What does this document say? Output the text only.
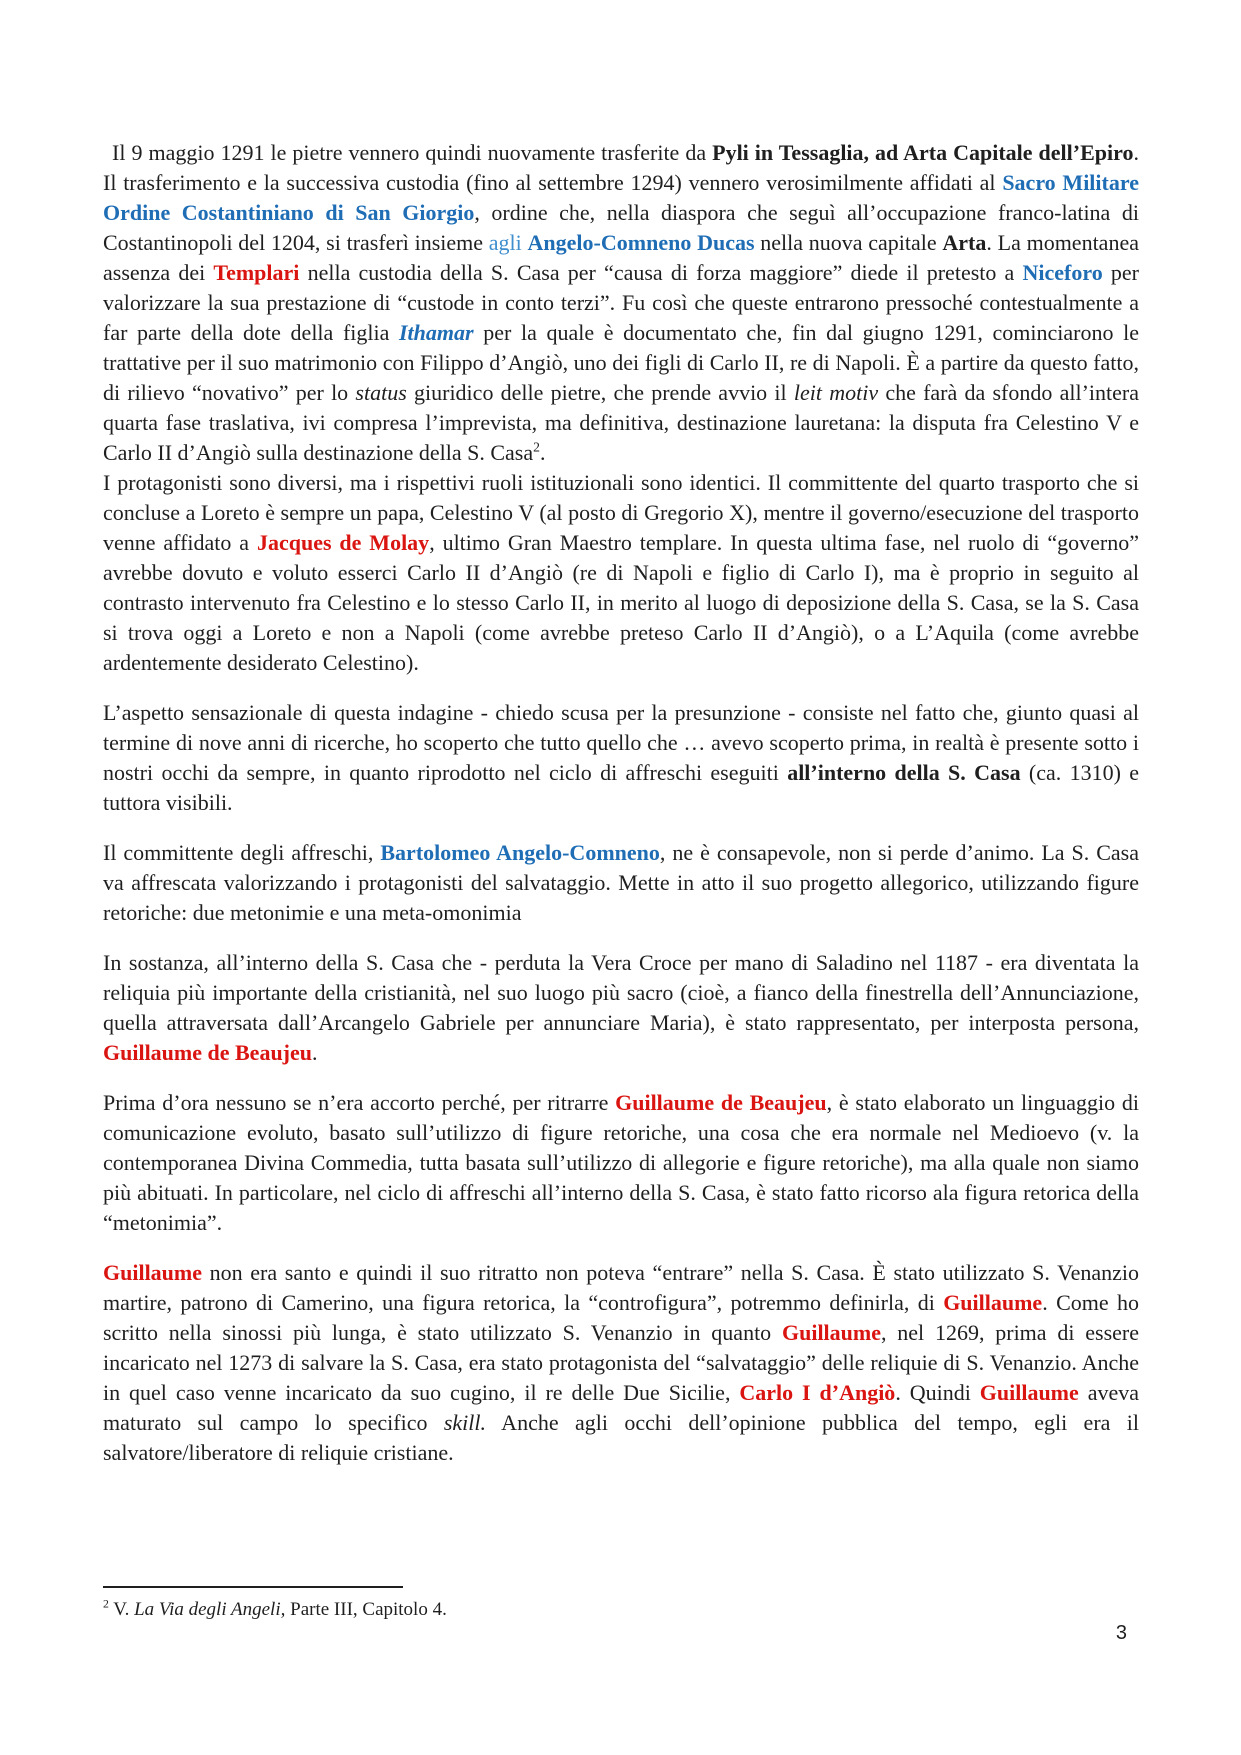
Il 9 maggio 1291 le pietre vennero quindi nuovamente trasferite da Pyli in Tessaglia, ad Arta Capitale dell’Epiro. Il trasferimento e la successiva custodia (fino al settembre 1294) vennero verosimilmente affidati al Sacro Militare Ordine Costantiniano di San Giorgio, ordine che, nella diaspora che seguì all’occupazione franco-latina di Costantinopoli del 1204, si trasferì insieme agli Angelo-Comneno Ducas nella nuova capitale Arta. La momentanea assenza dei Templari nella custodia della S. Casa per “causa di forza maggiore” diede il pretesto a Niceforo per valorizzare la sua prestazione di “custode in conto terzi”. Fu così che queste entrarono pressoché contestualmente a far parte della dote della figlia Ithamar per la quale è documentato che, fin dal giugno 1291, cominciarono le trattative per il suo matrimonio con Filippo d’Angiò, uno dei figli di Carlo II, re di Napoli. È a partire da questo fatto, di rilievo “novativo” per lo status giuridico delle pietre, che prende avvio il leit motiv che farà da sfondo all’intera quarta fase traslativa, ivi compresa l’imprevista, ma definitiva, destinazione lauretana: la disputa fra Celestino V e Carlo II d’Angiò sulla destinazione della S. Casa$^2$.

I protagonisti sono diversi, ma i rispettivi ruoli istituzionali sono identici. Il committente del quarto trasporto che si concluse a Loreto è sempre un papa, Celestino V (al posto di Gregorio X), mentre il governo/esecuzione del trasporto venne affidato a Jacques de Molay, ultimo Gran Maestro templare. In questa ultima fase, nel ruolo di “governo” avrebbe dovuto e voluto esserci Carlo II d’Angiò (re di Napoli e figlio di Carlo I), ma è proprio in seguito al contrasto intervenuto fra Celestino e lo stesso Carlo II, in merito al luogo di deposizione della S. Casa, se la S. Casa si trova oggi a Loreto e non a Napoli (come avrebbe preteso Carlo II d’Angiò), o a L’Aquila (come avrebbe ardentemente desiderato Celestino).

L’aspetto sensazionale di questa indagine - chiedo scusa per la presunzione - consiste nel fatto che, giunto quasi al termine di nove anni di ricerche, ho scoperto che tutto quello che … avevo scoperto prima, in realtà è presente sotto i nostri occhi da sempre, in quanto riprodotto nel ciclo di affreschi eseguiti all’interno della S. Casa (ca. 1310) e tuttora visibili.

Il committente degli affreschi, Bartolomeo Angelo-Comneno, ne è consapevole, non si perde d’animo. La S. Casa va affrescata valorizzando i protagonisti del salvataggio. Mette in atto il suo progetto allegorico, utilizzando figure retoriche: due metonimie e una meta-omonimia

In sostanza, all’interno della S. Casa che - perduta la Vera Croce per mano di Saladino nel 1187 - era diventata la reliquia più importante della cristianità, nel suo luogo più sacro (cioè, a fianco della finestrella dell’Annunciazione, quella attraversata dall’Arcangelo Gabriele per annunciare Maria), è stato rappresentato, per interposta persona, Guillaume de Beaujeu.

Prima d’ora nessuno se n’era accorto perché, per ritrarre Guillaume de Beaujeu, è stato elaborato un linguaggio di comunicazione evoluto, basato sull’utilizzo di figure retoriche, una cosa che era normale nel Medioevo (v. la contemporanea Divina Commedia, tutta basata sull’utilizzo di allegorie e figure retoriche), ma alla quale non siamo più abituati. In particolare, nel ciclo di affreschi all’interno della S. Casa, è stato fatto ricorso ala figura retorica della “metonimia”.

Guillaume non era santo e quindi il suo ritratto non poteva “entrare” nella S. Casa. È stato utilizzato S. Venanzio martire, patrono di Camerino, una figura retorica, la “controfigura”, potremmo definirla, di Guillaume. Come ho scritto nella sinossi più lunga, è stato utilizzato S. Venanzio in quanto Guillaume, nel 1269, prima di essere incaricato nel 1273 di salvare la S. Casa, era stato protagonista del “salvataggio” delle reliquie di S. Venanzio. Anche in quel caso venne incaricato da suo cugino, il re delle Due Sicilie, Carlo I d’Angiò. Quindi Guillaume aveva maturato sul campo lo specifico skill. Anche agli occhi dell’opinione pubblica del tempo, egli era il salvatore/liberatore di reliquie cristiane.

$^2$ V. La Via degli Angeli, Parte III, Capitolo 4.
3
